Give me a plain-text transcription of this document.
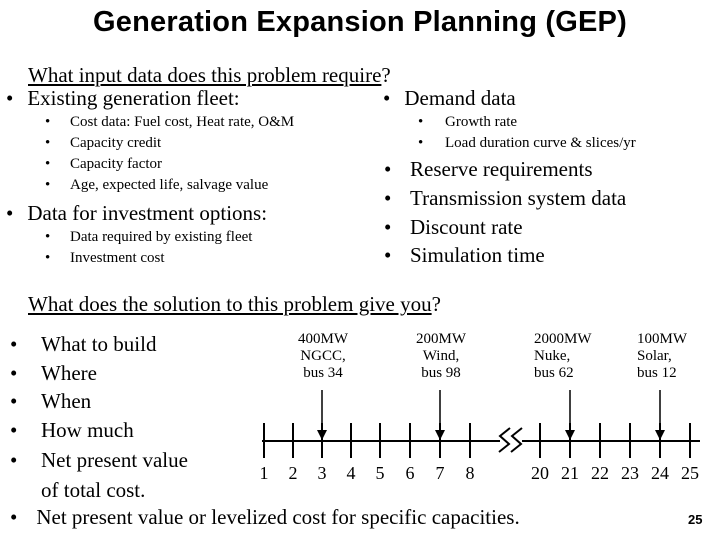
Generation Expansion Planning (GEP)
What input data does this problem require?
• Existing generation fleet:
• Cost data: Fuel cost, Heat rate, O&M
• Capacity credit
• Capacity factor
• Age, expected life, salvage value
• Data for investment options:
• Data required by existing fleet
• Investment cost
• Demand data
• Growth rate
• Load duration curve & slices/yr
• Reserve requirements
• Transmission system data
• Discount rate
• Simulation time
What does the solution to this problem give you?
• What to build
• Where
• When
• How much
• Net present value
of total cost.
• Net present value or levelized cost for specific capacities.
400MW
NGCC,
bus 34
200MW
Wind,
bus 98
2000MW
Nuke,
bus 62
100MW
Solar,
bus 12
1	2	3	4	5	6	7	8	20 21 22 23 24 25
25
